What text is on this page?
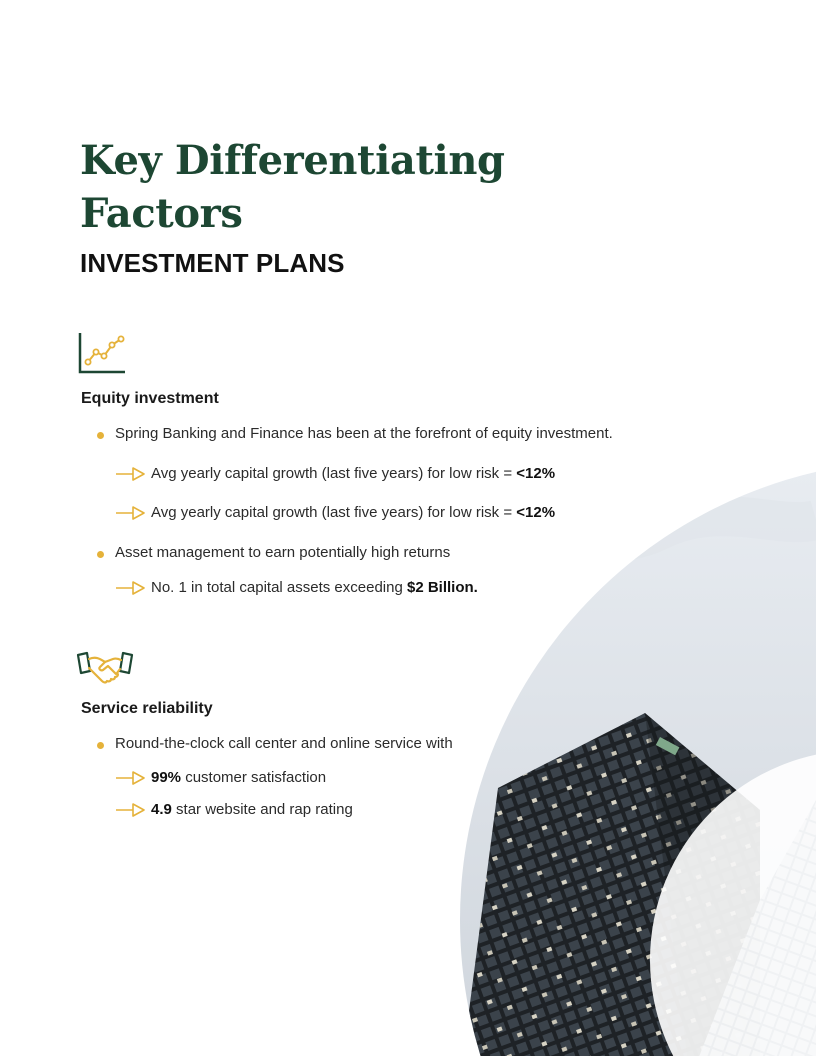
Key Differentiating
Factors
INVESTMENT PLANS
Equity investment
Spring Banking and Finance has been at the forefront of equity investment.
Avg yearly capital growth (last five years) for low risk = <12%
Avg yearly capital growth (last five years) for low risk = <12%
Asset management to earn potentially high returns
No. 1 in total capital assets exceeding $2 Billion.
Service reliability
Round-the-clock call center and online service with
99% customer satisfaction
4.9 star website and rap rating
